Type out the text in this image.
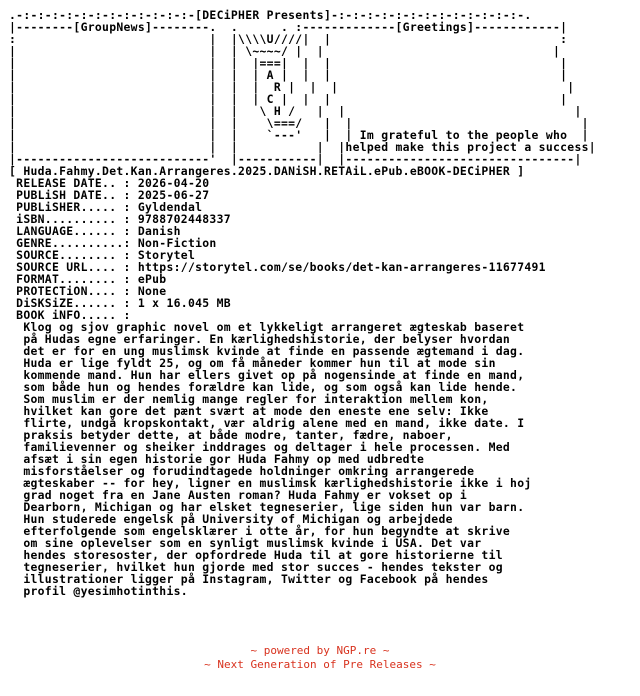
.-:-:-:-:-:-:-:-:-:-:-:-:-[DECiPHER Presents]-:-:-:-:-:-:-:-:-:-:-:-:-:-.
|--------[GroupNews]--------.  .      . :-------------[Greetings]------------|
:                           |  |\\\\U////|  |                                :
|                           |  | \~~~~/ |  |                                |
|                           |  |  |===|  |  |                                |
|                           |  |  | A |  |  |                                |
|                           |  |  |  R |  |  |                                |
|                           |  |  | C |  |  |                                |
|                           |  |   \ H /   |  |                                |
|                           |  |    \===/   |  |                                |
|                           |  |    `---'   |  | Im grateful to the people who  |
|                           |  |           |  |helped make this project a success|
|---------------------------'  |-----------|  |--------------------------------|
[ Huda.Fahmy.Det.Kan.Arrangeres.2025.DANiSH.RETAiL.ePub.eBOOK-DECiPHER ]
RELEASE DATE.. : 2026-04-20
PUBLiSH DATE.. : 2025-06-27
PUBLiSHER..... : Gyldendal
iSBN.......... : 9788702448337
LANGUAGE...... : Danish
GENRE..........: Non-Fiction
SOURCE........ : Storytel
SOURCE URL.... : https://storytel.com/se/books/det-kan-arrangeres-11677491
FORMAT........ : ePub
PROTECTiON.... : None
DiSKSiZE...... : 1 x 16.045 MB
BOOK iNFO..... :
Klog og sjov graphic novel om et lykkeligt arrangeret ægteskab baseret
på Hudas egne erfaringer. En kærlighedshistorie, der belyser hvordan
det er for en ung muslimsk kvinde at finde en passende ægtemand i dag.
Huda er lige fyldt 25, og om få måneder kommer hun til at mode sin
kommende mand. Hun har ellers givet op på nogensinde at finde en mand,
som både hun og hendes forældre kan lide, og som også kan lide hende.
Som muslim er der nemlig mange regler for interaktion mellem kon,
hvilket kan gore det pænt svært at mode den eneste ene selv: Ikke
flirte, undgå kropskontakt, vær aldrig alene med en mand, ikke date. I
praksis betyder dette, at både modre, tanter, fædre, naboer,
familievenner og sheiker inddrages og deltager i hele processen. Med
afsæt i sin egen historie gor Huda Fahmy op med udbredte
misforståelser og forudindtagede holdninger omkring arrangerede
ægteskaber -- for hey, ligner en muslimsk kærlighedshistorie ikke i hoj
grad noget fra en Jane Austen roman? Huda Fahmy er vokset op i
Dearborn, Michigan og har elsket tegneserier, lige siden hun var barn.
Hun studerede engelsk på University of Michigan og arbejdede
efterfolgende som engelsklærer i otte år, for hun begyndte at skrive
om sine oplevelser som en synligt muslimsk kvinde i USA. Det var
hendes storesoster, der opfordrede Huda til at gore historierne til
tegneserier, hvilket hun gjorde med stor succes - hendes tekster og
illustrationer ligger på Instagram, Twitter og Facebook på hendes
profil @yesimhotinthis.

~ powered by NGP.re ~
~ Next Generation of Pre Releases ~
